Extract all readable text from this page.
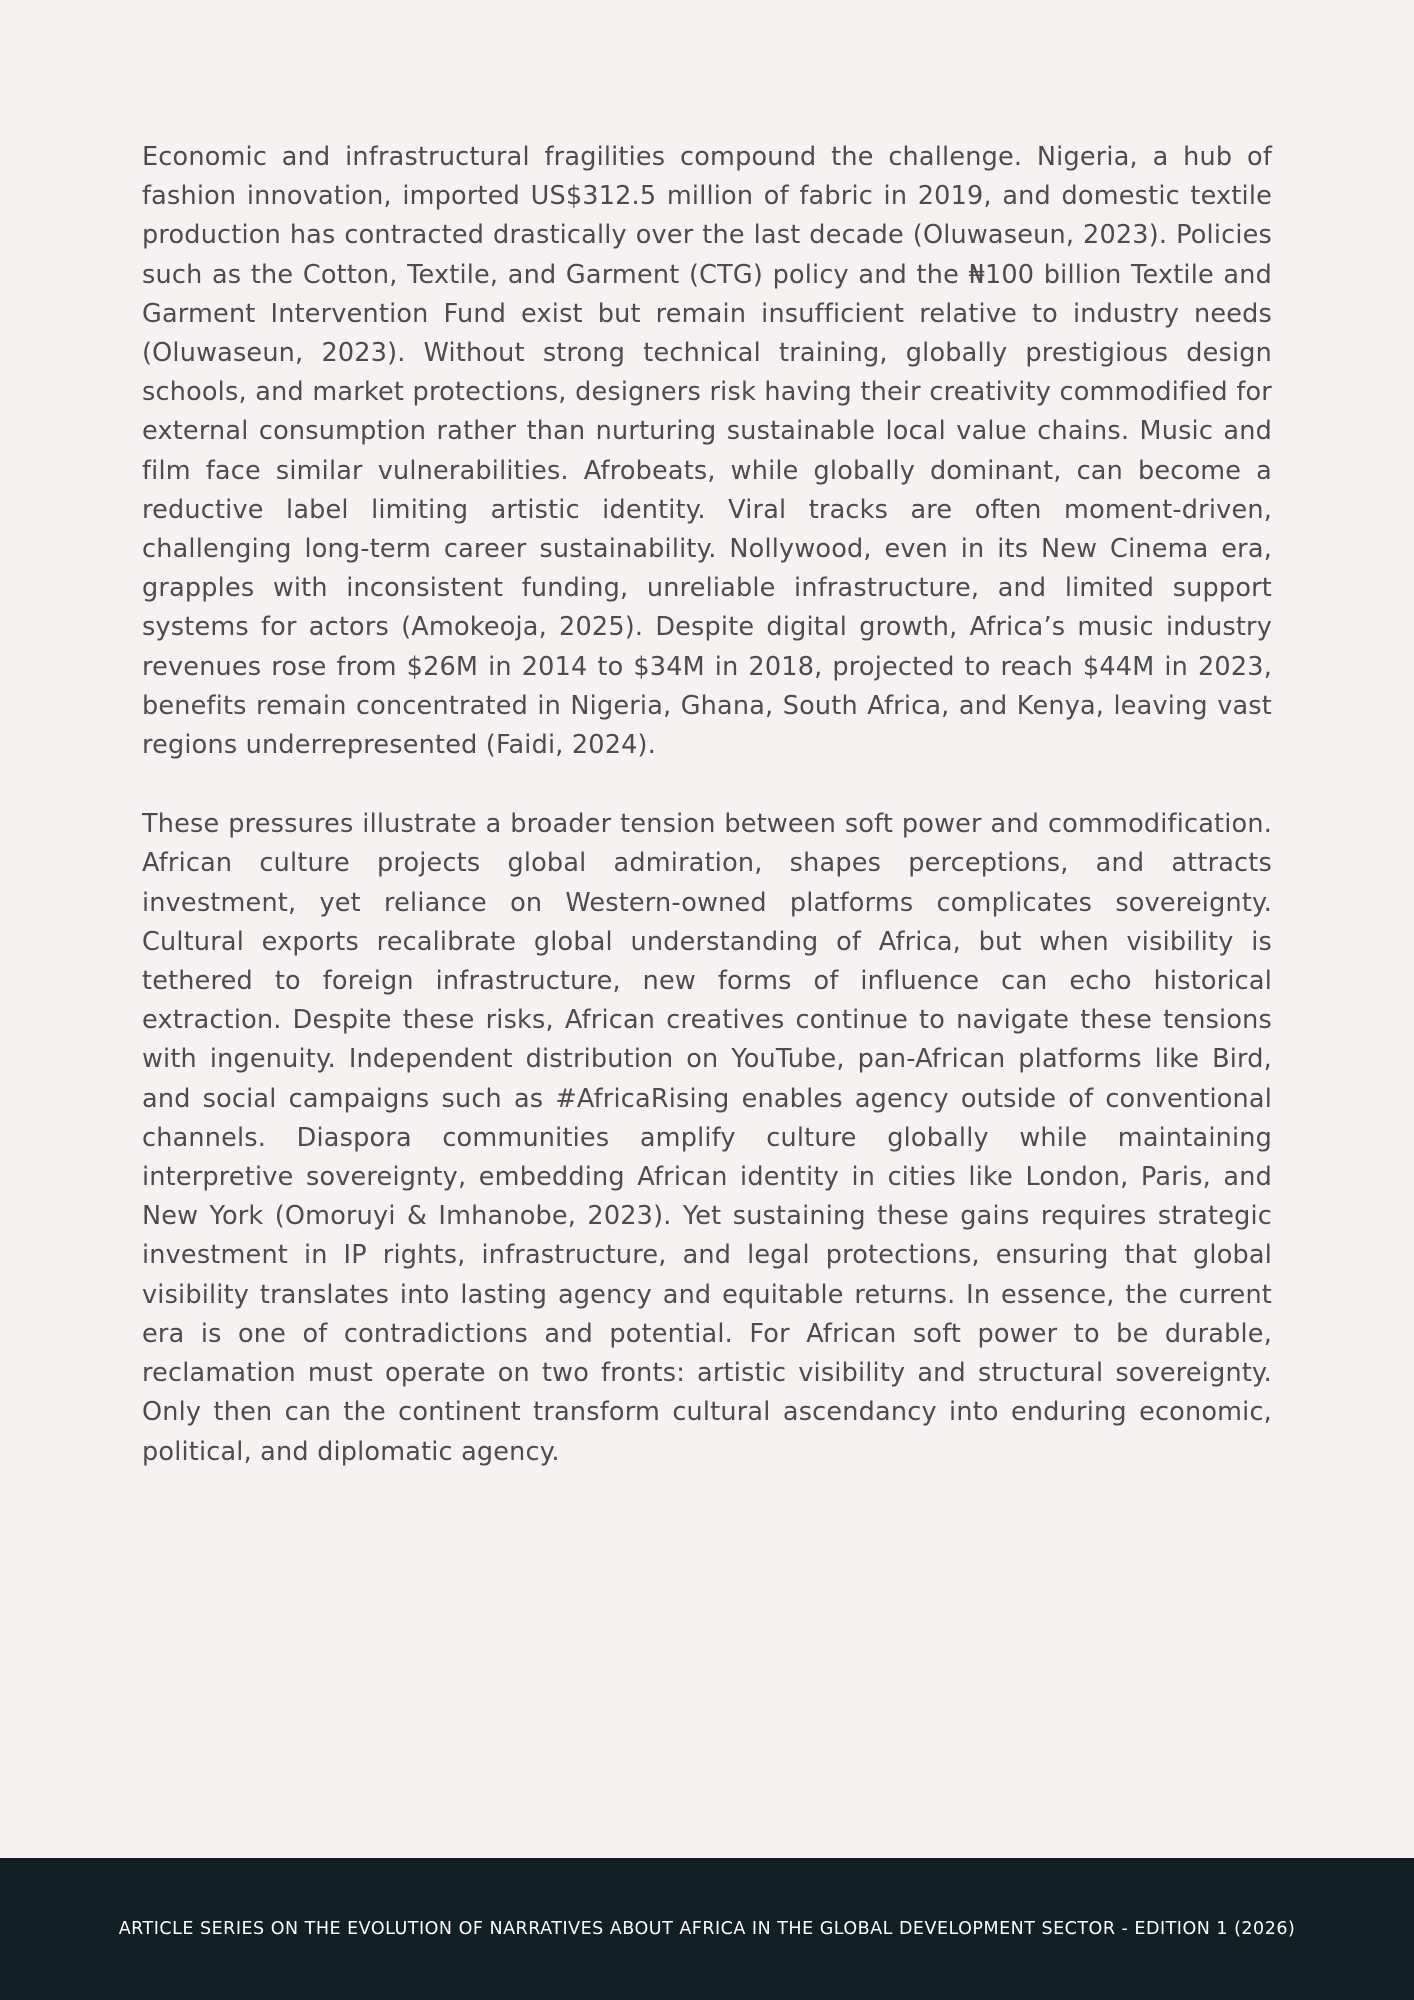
Economic and infrastructural fragilities compound the challenge. Nigeria, a hub of fashion innovation, imported US$312.5 million of fabric in 2019, and domestic textile production has contracted drastically over the last decade (Oluwaseun, 2023). Policies such as the Cotton, Textile, and Garment (CTG) policy and the ₦100 billion Textile and Garment Intervention Fund exist but remain insufficient relative to industry needs (Oluwaseun, 2023). Without strong technical training, globally prestigious design schools, and market protections, designers risk having their creativity commodified for external consumption rather than nurturing sustainable local value chains. Music and film face similar vulnerabilities. Afrobeats, while globally dominant, can become a reductive label limiting artistic identity. Viral tracks are often moment-driven, challenging long-term career sustainability. Nollywood, even in its New Cinema era, grapples with inconsistent funding, unreliable infrastructure, and limited support systems for actors (Amokeoja, 2025). Despite digital growth, Africa’s music industry revenues rose from $26M in 2014 to $34M in 2018, projected to reach $44M in 2023, benefits remain concentrated in Nigeria, Ghana, South Africa, and Kenya, leaving vast regions underrepresented (Faidi, 2024).

These pressures illustrate a broader tension between soft power and commodification. African culture projects global admiration, shapes perceptions, and attracts investment, yet reliance on Western-owned platforms complicates sovereignty. Cultural exports recalibrate global understanding of Africa, but when visibility is tethered to foreign infrastructure, new forms of influence can echo historical extraction. Despite these risks, African creatives continue to navigate these tensions with ingenuity. Independent distribution on YouTube, pan-African platforms like Bird, and social campaigns such as #AfricaRising enables agency outside of conventional channels. Diaspora communities amplify culture globally while maintaining interpretive sovereignty, embedding African identity in cities like London, Paris, and New York (Omoruyi & Imhanobe, 2023). Yet sustaining these gains requires strategic investment in IP rights, infrastructure, and legal protections, ensuring that global visibility translates into lasting agency and equitable returns. In essence, the current era is one of contradictions and potential. For African soft power to be durable, reclamation must operate on two fronts: artistic visibility and structural sovereignty. Only then can the continent transform cultural ascendancy into enduring economic, political, and diplomatic agency.

ARTICLE SERIES ON THE EVOLUTION OF NARRATIVES ABOUT AFRICA IN THE GLOBAL DEVELOPMENT SECTOR - EDITION 1 (2026)
